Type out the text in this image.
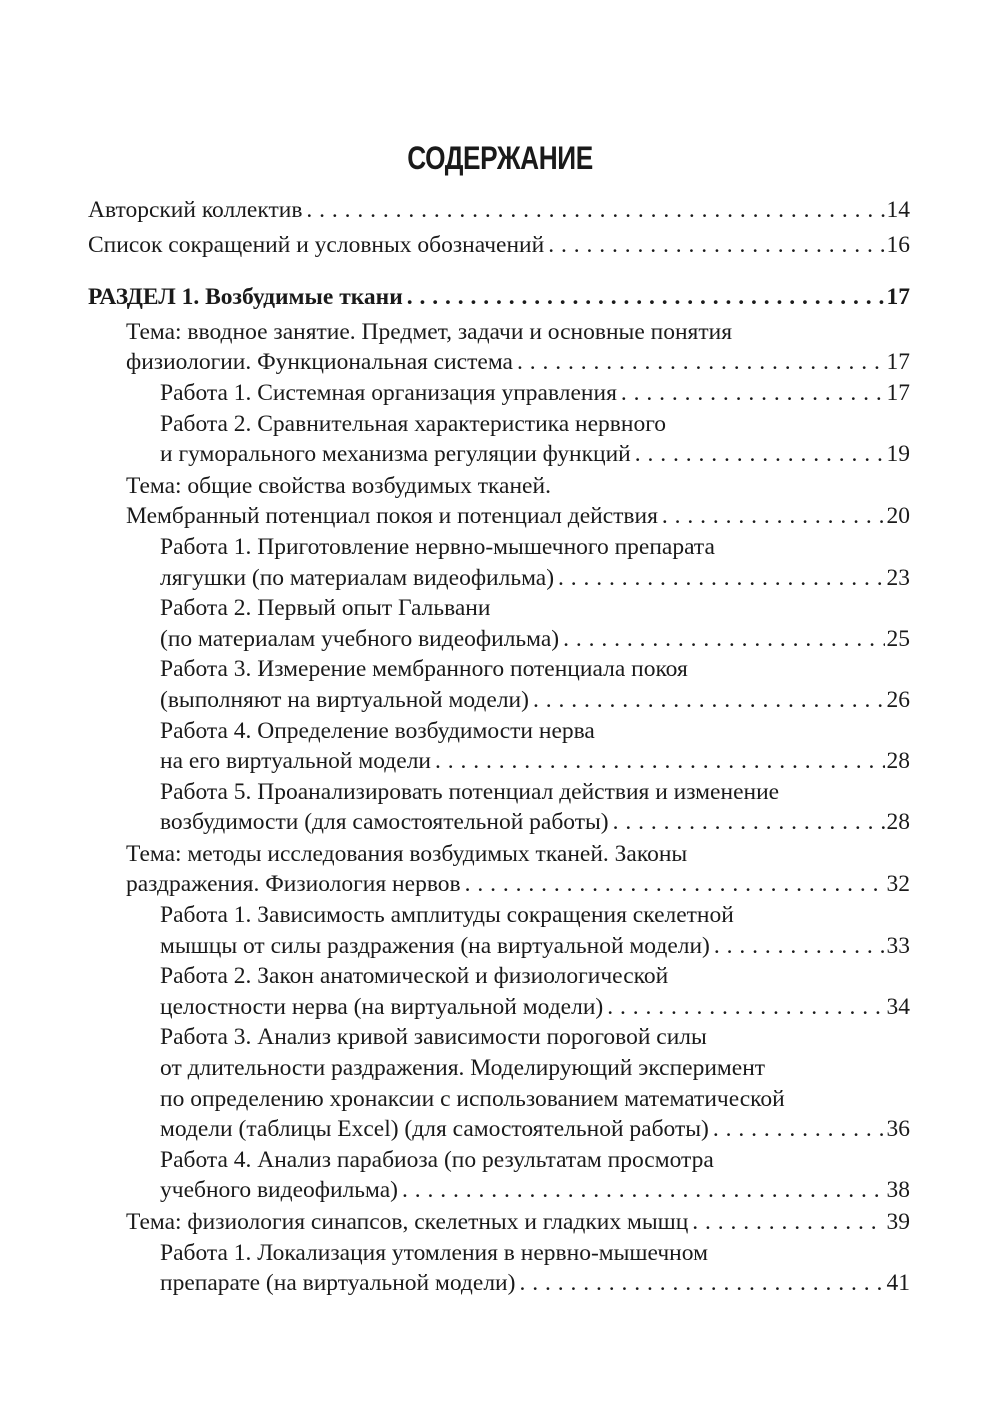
СОДЕРЖАНИЕ
Авторский коллектив . . .	14
Список сокращений и условных обозначений . . .	16
РАЗДЕЛ 1. Возбудимые ткани . . .	17
Тема: вводное занятие. Предмет, задачи и основные понятия
физиологии. Функциональная система . . .	17
Работа 1. Системная организация управления . . .	17
Работа 2. Сравнительная характеристика нервного
и гуморального механизма регуляции функций . . .	19
Тема: общие свойства возбудимых тканей.
Мембранный потенциал покоя и потенциал действия . . .	20
Работа 1. Приготовление нервно-мышечного препарата
лягушки (по материалам видеофильма) . . .	23
Работа 2. Первый опыт Гальвани
(по материалам учебного видеофильма) . . .	25
Работа 3. Измерение мембранного потенциала покоя
(выполняют на виртуальной модели) . . .	26
Работа 4. Определение возбудимости нерва
на его виртуальной модели . . .	28
Работа 5. Проанализировать потенциал действия и изменение
возбудимости (для самостоятельной работы) . . .	28
Тема: методы исследования возбудимых тканей. Законы
раздражения. Физиология нервов . . .	32
Работа 1. Зависимость амплитуды сокращения скелетной
мышцы от силы раздражения (на виртуальной модели) . . .	33
Работа 2. Закон анатомической и физиологической
целостности нерва (на виртуальной модели) . . .	34
Работа 3. Анализ кривой зависимости пороговой силы
от длительности раздражения. Моделирующий эксперимент
по определению хронаксии с использованием математической
модели (таблицы Excel) (для самостоятельной работы) . . .	36
Работа 4. Анализ парабиоза (по результатам просмотра
учебного видеофильма) . . .	38
Тема: физиология синапсов, скелетных и гладких мышц . . .	39
Работа 1. Локализация утомления в нервно-мышечном
препарате (на виртуальной модели) . . .	41
